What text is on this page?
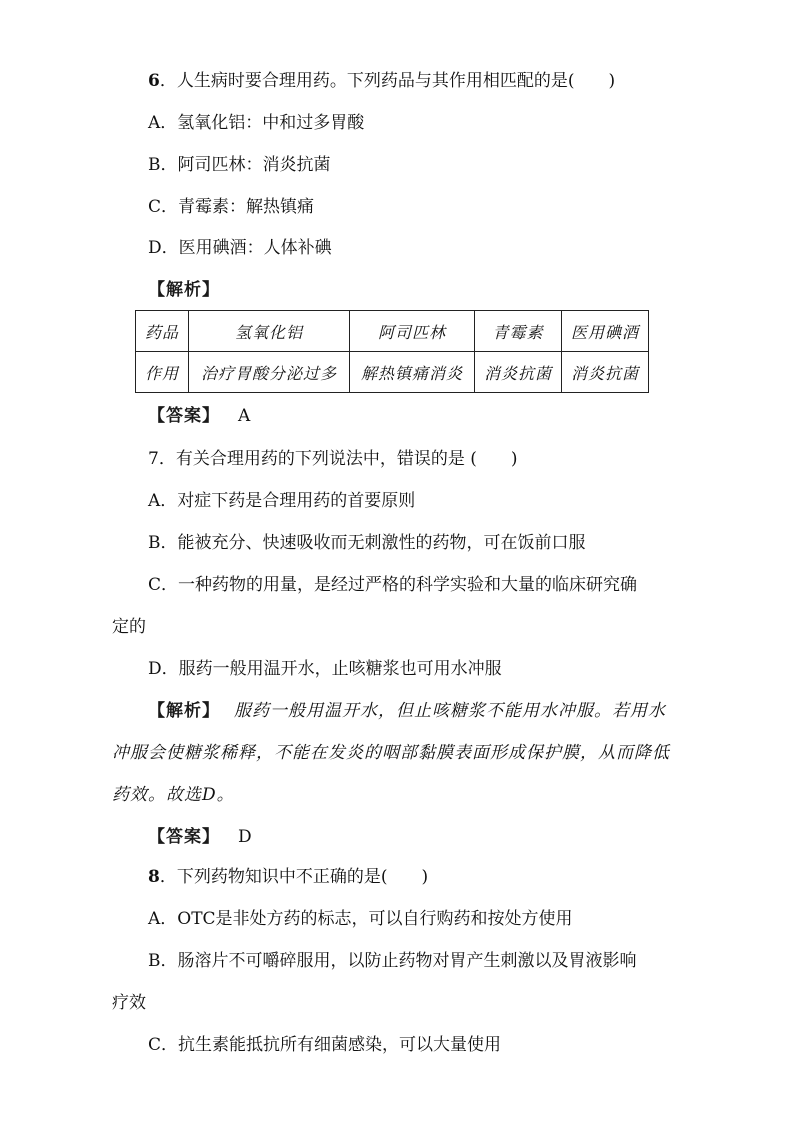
6．人生病时要合理用药。下列药品与其作用相匹配的是(　　)
A．氢氧化铝：中和过多胃酸
B．阿司匹林：消炎抗菌
C．青霉素：解热镇痛
D．医用碘酒：人体补碘
【解析】
药品	氢氧化铝	阿司匹林	青霉素	医用碘酒
作用	治疗胃酸分泌过多	解热镇痛消炎	消炎抗菌	消炎抗菌
【答案】 A
7．有关合理用药的下列说法中，错误的是 (　　)
A．对症下药是合理用药的首要原则
B．能被充分、快速吸收而无刺激性的药物，可在饭前口服
C．一种药物的用量，是经过严格的科学实验和大量的临床研究确
定的
D．服药一般用温开水，止咳糖浆也可用水冲服
【解析】 服药一般用温开水，但止咳糖浆不能用水冲服。若用水
冲服会使糖浆稀释，不能在发炎的咽部黏膜表面形成保护膜，从而降低
药效。故选D。
【答案】 D
8．下列药物知识中不正确的是(　　)
A．OTC是非处方药的标志，可以自行购药和按处方使用
B．肠溶片不可嚼碎服用，以防止药物对胃产生刺激以及胃液影响
疗效
C．抗生素能抵抗所有细菌感染，可以大量使用
